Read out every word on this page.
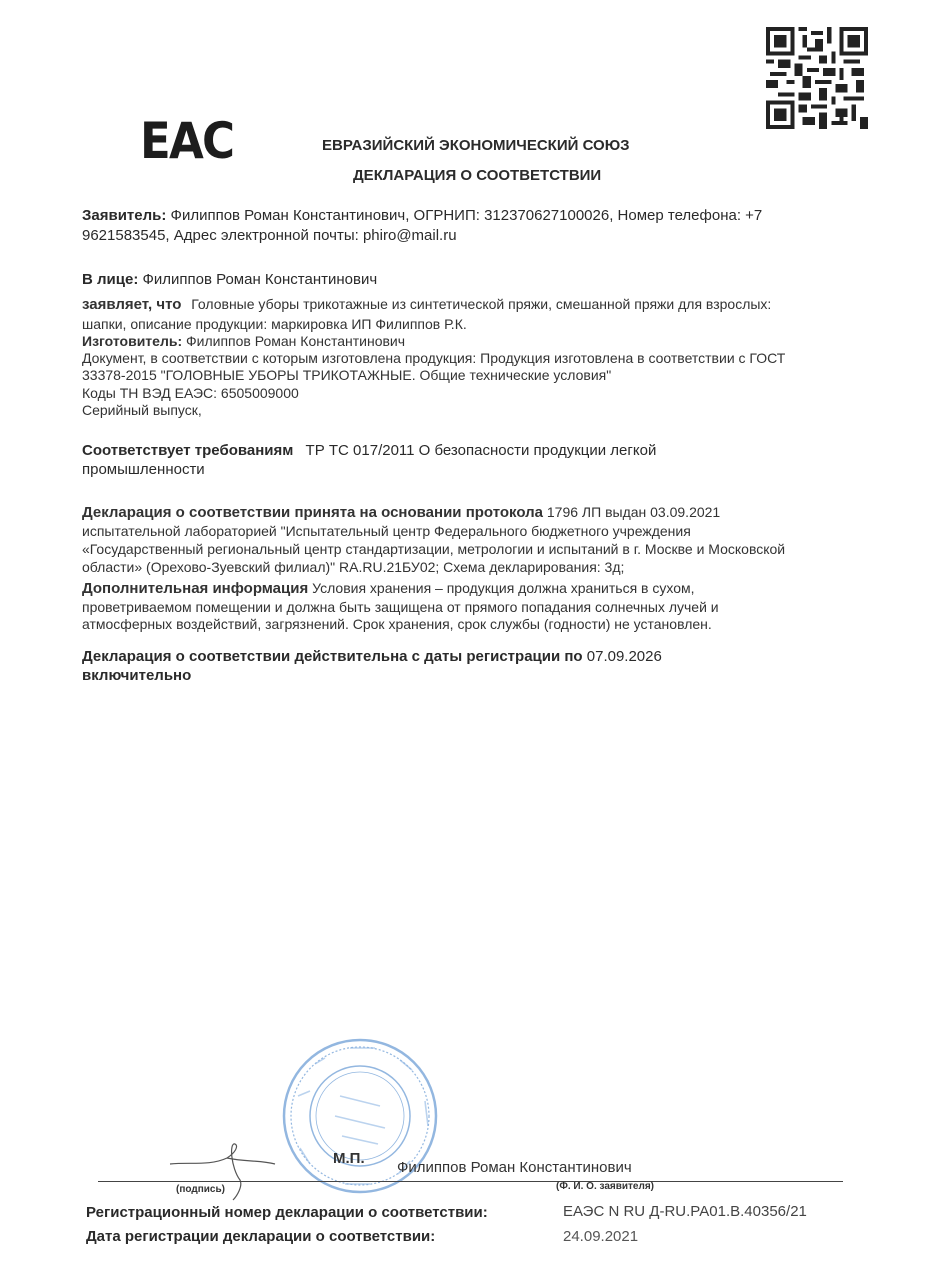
EAC	ЕВРАЗИЙСКИЙ ЭКОНОМИЧЕСКИЙ СОЮЗ
ДЕКЛАРАЦИЯ О СООТВЕТСТВИИ
Заявитель: Филиппов Роман Константинович, ОГРНИП: 312370627100026, Номер телефона: +7
9621583545, Адрес электронной почты: phiro@mail.ru
В лице: Филиппов Роман Константинович
заявляет, что Головные уборы трикотажные из синтетической пряжи, смешанной пряжи для взрослых:
шапки, описание продукции: маркировка ИП Филиппов Р.К.
Изготовитель: Филиппов Роман Константинович
Документ, в соответствии с которым изготовлена продукция: Продукция изготовлена в соответствии с ГОСТ
33378-2015 "ГОЛОВНЫЕ УБОРЫ ТРИКОТАЖНЫЕ. Общие технические условия"
Коды ТН ВЭД ЕАЭС: 6505009000
Серийный выпуск,
Соответствует требованиям ТР ТС 017/2011 О безопасности продукции легкой
промышленности
Декларация о соответствии принята на основании протокола 1796 ЛП выдан 03.09.2021
испытательной лабораторией "Испытательный центр Федерального бюджетного учреждения
«Государственный региональный центр стандартизации, метрологии и испытаний в г. Москве и Московской
области» (Орехово-Зуевский филиал)" RA.RU.21БУ02; Схема декларирования: 3д;
Дополнительная информация Условия хранения – продукция должна храниться в сухом,
проветриваемом помещении и должна быть защищена от прямого попадания солнечных лучей и
атмосферных воздействий, загрязнений. Срок хранения, срок службы (годности) не установлен.
Декларация о соответствии действительна с даты регистрации по 07.09.2026
включительно
М.П.
Филиппов Роман Константинович
(подпись)	(Ф. И. О. заявителя)
Регистрационный номер декларации о соответствии:	ЕАЭС N RU Д-RU.РА01.В.40356/21
Дата регистрации декларации о соответствии:	24.09.2021
